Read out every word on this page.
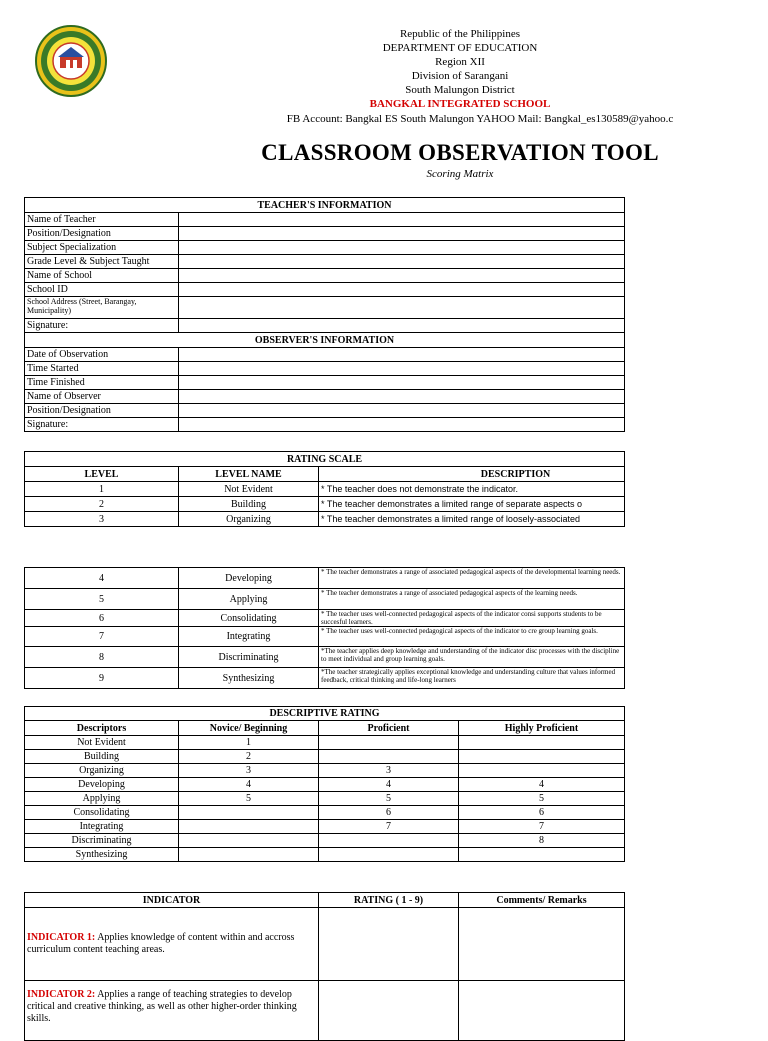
Republic of the Philippines
DEPARTMENT OF EDUCATION
Region XII
Division of Sarangani
South Malungon District
BANGKAL INTEGRATED SCHOOL
FB Account: Bangkal ES South Malungon YAHOO Mail: Bangkal_es130589@yahoo.c
CLASSROOM OBSERVATION TOOL
Scoring Matrix
TEACHER'S INFORMATION	
Name of Teacher	
Position/Designation	
Subject Specialization	
Grade Level & Subject Taught	
Name of School	
School ID	
School Address (Street, Barangay, Municipality)	
Signature:	
OBSERVER'S INFORMATION	
Date of Observation	
Time Started	
Time Finished	
Name of Observer	
Position/Designation	
Signature:	
RATING SCALE		
LEVEL	LEVEL NAME	DESCRIPTION
1	Not Evident	* The teacher does not demonstrate the indicator.
2	Building	* The teacher demonstrates a limited range of separate aspects o
3	Organizing	* The teacher demonstrates a limited range of loosely-associated
4	Developing	* The teacher demonstrates a range of associated pedagogical aspects of the developmental learning needs.
5	Applying	* The teacher demonstrates a range of associated pedagogical aspects of the learning needs.
6	Consolidating	* The teacher uses well-connected pedagogical aspects of the indicator consi supports students to be succesful learners.
7	Integrating	* The teacher uses well-connected pedagogical aspects of the indicator to cre group learning goals.
8	Discriminating	*The teacher applies deep knowledge and understanding of the indicator disc processes with the discipline to meet individual and group learning goals.
9	Synthesizing	*The teacher strategically applies exceptional knowledge and understanding culture that values informed feedback, critical thinking and life-long learners
DESCRIPTIVE RATING			
Descriptors	Novice/ Beginning	Proficient	Highly Proficient
Not Evident	1		
Building	2		
Organizing	3	3	
Developing	4	4	4
Applying	5	5	5
Consolidating		6	6
Integrating		7	7
Discriminating			8
Synthesizing			
INDICATOR	RATING ( 1 - 9)	Comments/ Remarks
INDICATOR 1: Applies knowledge of content within and accross curriculum content teaching areas.		
INDICATOR 2: Applies a range of teaching strategies to develop critical and creative thinking, as well as other higher-order thinking skills.		
